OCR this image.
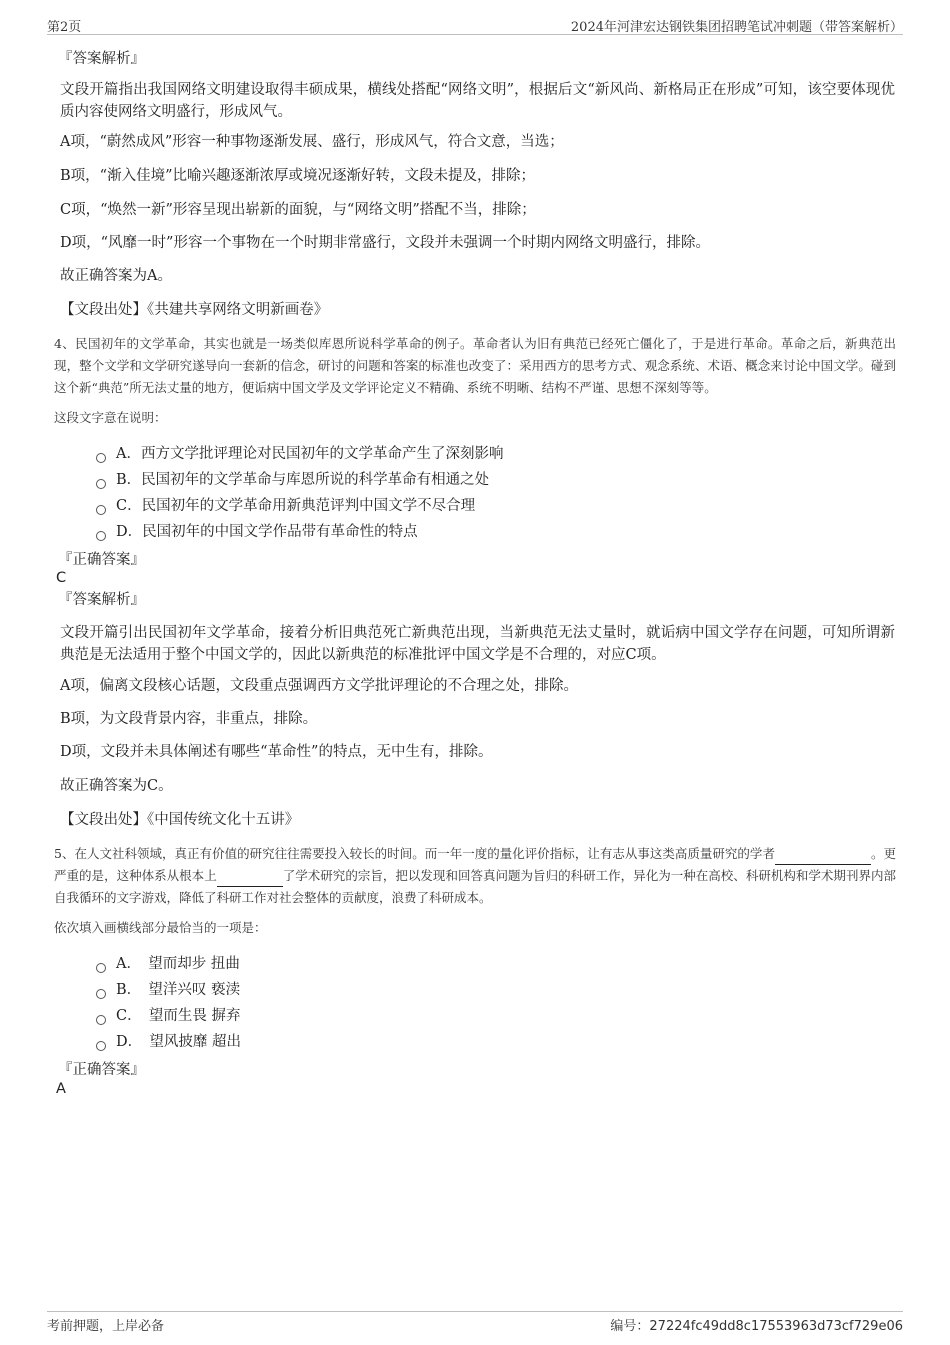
第2页	2024年河津宏达钢铁集团招聘笔试冲刺题（带答案解析）

『答案解析』

文段开篇指出我国网络文明建设取得丰硕成果，横线处搭配“网络文明”，根据后文“新风尚、新格局正在形成”可知，该空要体现优质内容使网络文明盛行，形成风气。

A项，“蔚然成风”形容一种事物逐渐发展、盛行，形成风气，符合文意，当选；

B项，“渐入佳境”比喻兴趣逐渐浓厚或境况逐渐好转，文段未提及，排除；

C项，“焕然一新”形容呈现出崭新的面貌，与“网络文明”搭配不当，排除；

D项，“风靡一时”形容一个事物在一个时期非常盛行，文段并未强调一个时期内网络文明盛行，排除。

故正确答案为A。

【文段出处】《共建共享网络文明新画卷》

4、民国初年的文学革命，其实也就是一场类似库恩所说科学革命的例子。革命者认为旧有典范已经死亡僵化了，于是进行革命。革命之后，新典范出现，整个文学和文学研究遂导向一套新的信念，研讨的问题和答案的标准也改变了：采用西方的思考方式、观念系统、术语、概念来讨论中国文学。碰到这个新“典范”所无法丈量的地方，便诟病中国文学及文学评论定义不精确、系统不明晰、结构不严谨、思想不深刻等等。

这段文字意在说明：

A．西方文学批评理论对民国初年的文学革命产生了深刻影响
B．民国初年的文学革命与库恩所说的科学革命有相通之处
C．民国初年的文学革命用新典范评判中国文学不尽合理
D．民国初年的中国文学作品带有革命性的特点

『正确答案』

C

『答案解析』

文段开篇引出民国初年文学革命，接着分析旧典范死亡新典范出现，当新典范无法丈量时，就诟病中国文学存在问题，可知所谓新典范是无法适用于整个中国文学的，因此以新典范的标准批评中国文学是不合理的，对应C项。

A项，偏离文段核心话题，文段重点强调西方文学批评理论的不合理之处，排除。

B项，为文段背景内容，非重点，排除。

D项，文段并未具体阐述有哪些“革命性”的特点，无中生有，排除。

故正确答案为C。

【文段出处】《中国传统文化十五讲》

5、在人文社科领域，真正有价值的研究往往需要投入较长的时间。而一年一度的量化评价指标，让有志从事这类高质量研究的学者	。更严重的是，这种体系从根本上	了学术研究的宗旨，把以发现和回答真问题为旨归的科研工作，异化为一种在高校、科研机构和学术期刊界内部自我循环的文字游戏，降低了科研工作对社会整体的贡献度，浪费了科研成本。

依次填入画横线部分最恰当的一项是：

A．　望而却步 扭曲
B．　望洋兴叹 亵渎
C．　望而生畏 摒弃
D．　望风披靡 超出

『正确答案』

A

考前押题，上岸必备	编号：27224fc49dd8c17553963d73cf729e06
